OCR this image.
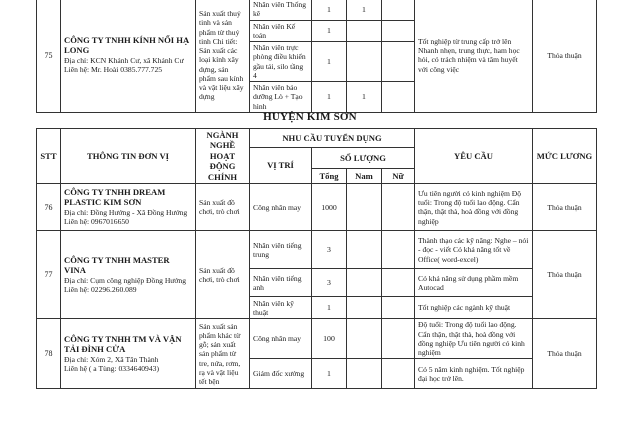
75	CÔNG TY TNHH KÍNH NỔI HẠ LONG
Địa chỉ: KCN Khánh Cư, xã Khánh Cư
Liên hệ: Mr. Hoài 0385.777.725	Sản xuất thuỷ tinh và sản phẩm từ thuỷ tinh Chi tiết: Sản xuất các loại kính xây dựng, sản phẩm sau kính và vật liệu xây dựng	Nhân viên Thống kê	1	1		Tốt nghiệp từ trung cấp trở lên Nhanh nhẹn, trung thực, ham học hỏi, có trách nhiệm và tâm huyết với công việc	Thỏa thuận
			Nhân viên Kế toán	1				
			Nhân viên trực phòng điều khiển gầu tải, silo tầng 4	1				
			Nhân viên bảo dưỡng Lò + Tạo hình	1	1			
HUYỆN KIM SƠN
STT	THÔNG TIN ĐƠN VỊ	NGÀNH NGHỀ HOẠT ĐỘNG CHÍNH	NHU CẦU TUYỂN DỤNG				YÊU CẦU	MỨC LƯƠNG
			VỊ TRÍ	SỐ LƯỢNG				
				Tổng	Nam	Nữ		
76	CÔNG TY TNHH DREAM PLASTIC KIM SƠN
Địa chỉ: Đồng Hướng - Xã Đồng Hướng
Liên hệ: 0967016650	Sản xuất đồ chơi, trò chơi	Công nhân may	1000			Ưu tiên người có kinh nghiệm Độ tuổi: Trong độ tuổi lao động. Cẩn thận, thật thà, hoà đồng với đồng nghiệp	Thỏa thuận
77	CÔNG TY TNHH MASTER VINA
Địa chỉ: Cụm công nghiệp Đồng Hướng
Liên hệ: 02296.260.089	Sản xuất đồ chơi, trò chơi	Nhân viên tiếng trung	3			Thành thạo các kỹ năng: Nghe – nói - đọc - viết Có khả năng tốt về Office( word-excel)	Thỏa thuận
			Nhân viên tiếng anh	3			Có khả năng sử dụng phầm mềm Autocad	
			Nhân viên kỹ thuật	1			Tốt nghiệp các ngành kỹ thuật	
78	CÔNG TY TNHH TM VÀ VẬN TẢI ĐÌNH CỬA
Địa chỉ: Xóm 2, Xã Tân Thành
Liên hệ ( a Tùng: 0334640943)	Sản xuất sản phẩm khác từ gỗ; sản xuất sản phẩm từ tre, nứa, rơm, rạ và vật liệu tết bện	Công nhân may	100			Độ tuổi: Trong độ tuổi lao động. Cẩn thận, thật thà, hoà đồng với đồng nghiệp Ưu tiên người có kinh nghiệm	Thỏa thuận
			Giám đốc xưởng	1			Có 5 năm kinh nghiệm. Tốt nghiệp đại học trở lên.	
